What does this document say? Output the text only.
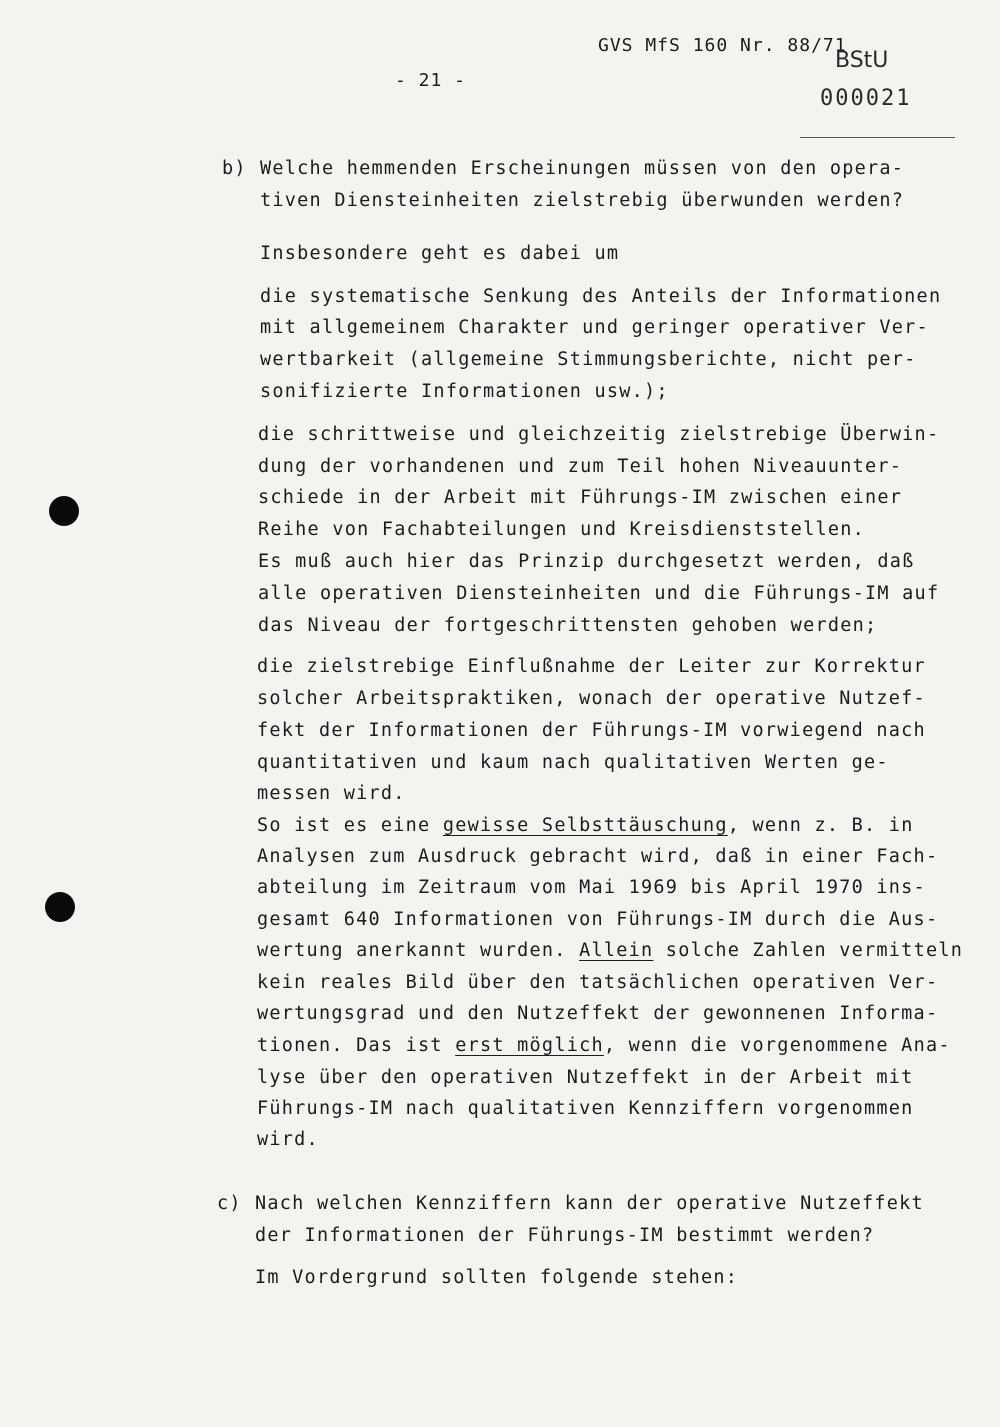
GVS MfS 160 Nr. 88/71
- 21 -
BStU
000021
b) Welche hemmenden Erscheinungen müssen von den opera-
tiven Diensteinheiten zielstrebig überwunden werden?
Insbesondere geht es dabei um
die systematische Senkung des Anteils der Informationen
mit allgemeinem Charakter und geringer operativer Ver-
wertbarkeit (allgemeine Stimmungsberichte, nicht per-
sonifizierte Informationen usw.);
die schrittweise und gleichzeitig zielstrebige Überwin-
dung der vorhandenen und zum Teil hohen Niveauunter-
schiede in der Arbeit mit Führungs-IM zwischen einer
Reihe von Fachabteilungen und Kreisdienststellen.
Es muß auch hier das Prinzip durchgesetzt werden, daß
alle operativen Diensteinheiten und die Führungs-IM auf
das Niveau der fortgeschrittensten gehoben werden;
die zielstrebige Einflußnahme der Leiter zur Korrektur
solcher Arbeitspraktiken, wonach der operative Nutzef-
fekt der Informationen der Führungs-IM vorwiegend nach
quantitativen und kaum nach qualitativen Werten ge-
messen wird.
So ist es eine gewisse Selbsttäuschung, wenn z. B. in
Analysen zum Ausdruck gebracht wird, daß in einer Fach-
abteilung im Zeitraum vom Mai 1969 bis April 1970 ins-
gesamt 640 Informationen von Führungs-IM durch die Aus-
wertung anerkannt wurden. Allein solche Zahlen vermitteln
kein reales Bild über den tatsächlichen operativen Ver-
wertungsgrad und den Nutzeffekt der gewonnenen Informa-
tionen. Das ist erst möglich, wenn die vorgenommene Ana-
lyse über den operativen Nutzeffekt in der Arbeit mit
Führungs-IM nach qualitativen Kennziffern vorgenommen
wird.
c) Nach welchen Kennziffern kann der operative Nutzeffekt
der Informationen der Führungs-IM bestimmt werden?
Im Vordergrund sollten folgende stehen:
